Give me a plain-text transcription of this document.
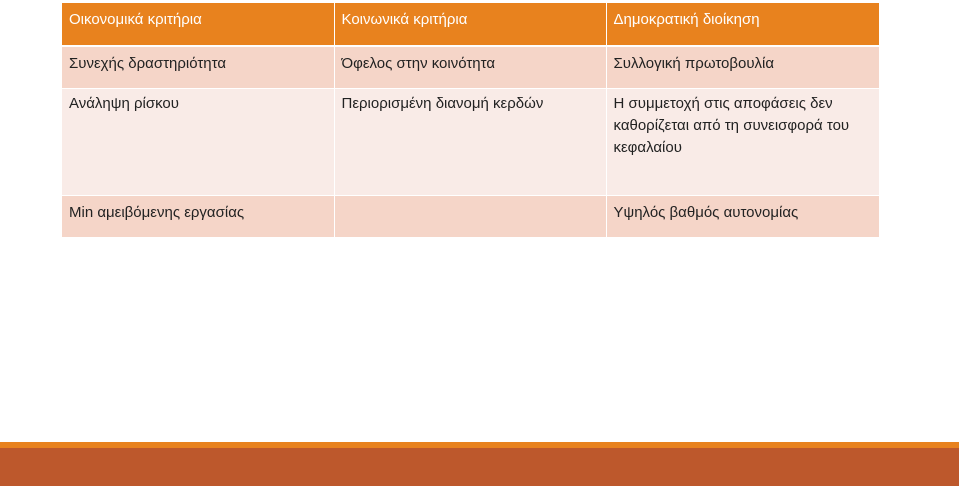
Οικονομικά κριτήρια	Κοινωνικά κριτήρια	Δημοκρατική διοίκηση
Συνεχής δραστηριότητα	Όφελος στην κοινότητα	Συλλογική πρωτοβουλία
Ανάληψη ρίσκου	Περιορισμένη διανομή κερδών	Η συμμετοχή στις αποφάσεις δεν καθορίζεται από τη συνεισφορά του κεφαλαίου
Min αμειβόμενης εργασίας		Υψηλός βαθμός αυτονομίας
